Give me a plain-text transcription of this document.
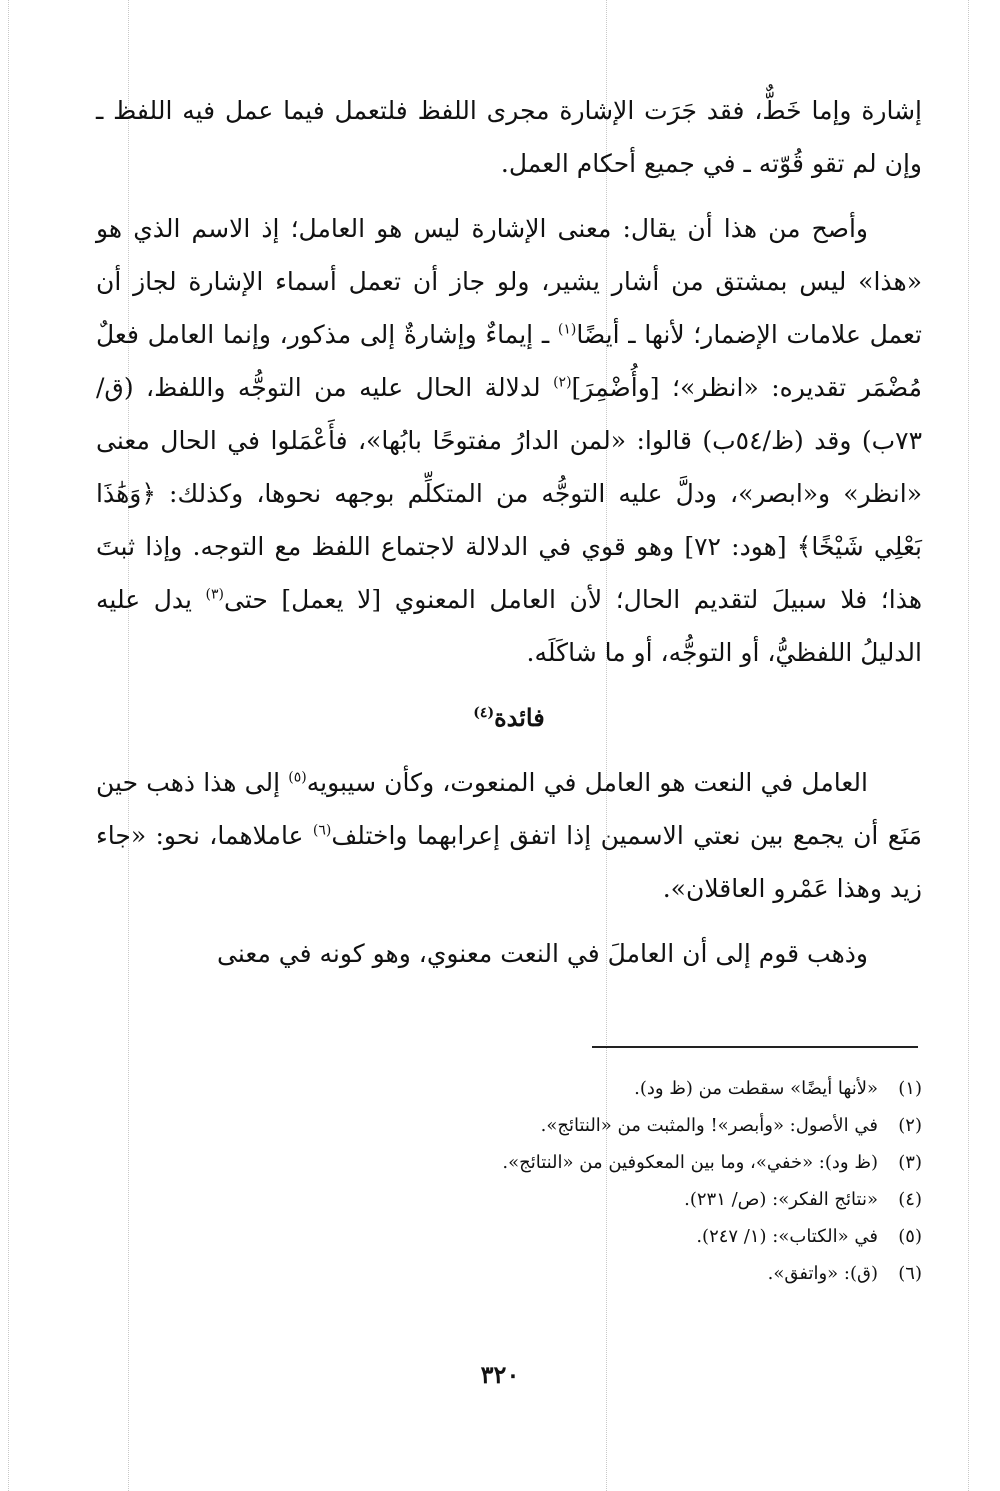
إشارة وإما خَطٌّ، فقد جَرَت الإشارة مجرى اللفظ فلتعمل فيما عمل فيه اللفظ ـ وإن لم تقو قُوّته ـ في جميع أحكام العمل.

وأصح من هذا أن يقال: معنى الإشارة ليس هو العامل؛ إذ الاسم الذي هو «هذا» ليس بمشتق من أشار يشير، ولو جاز أن تعمل أسماء الإشارة لجاز أن تعمل علامات الإضمار؛ لأنها ـ أيضًا$^{(١)}$ ـ إيماءٌ وإشارةٌ إلى مذكور، وإنما العامل فعلٌ مُضْمَر تقديره: «انظر»؛ [وأُضْمِرَ]$^{(٢)}$ لدلالة الحال عليه من التوجُّه واللفظ، (ق/٧٣ب) وقد (ظ/٥٤ب) قالوا: «لمن الدارُ مفتوحًا بابُها»، فأَعْمَلوا في الحال معنى «انظر» و«ابصر»، ودلَّ عليه التوجُّه من المتكلِّم بوجهه نحوها، وكذلك: ﴿وَهَٰذَا بَعْلِي شَيْخًا﴾ [هود: ٧٢] وهو قوي في الدلالة لاجتماع اللفظ مع التوجه. وإذا ثبتَ هذا؛ فلا سبيلَ لتقديم الحال؛ لأن العامل المعنوي [لا يعمل] حتى$^{(٣)}$ يدل عليه الدليلُ اللفظيُّ، أو التوجُّه، أو ما شاكَلَه.

فائدة$^{(٤)}$

العامل في النعت هو العامل في المنعوت، وكأن سيبويه$^{(٥)}$ إلى هذا ذهب حين مَنَع أن يجمع بين نعتي الاسمين إذا اتفق إعرابهما واختلف$^{(٦)}$ عاملاهما، نحو: «جاء زيد وهذا عَمْرو العاقلان».

وذهب قوم إلى أن العاملَ في النعت معنوي، وهو كونه في معنى

(١)
«لأنها أيضًا» سقطت من (ظ ود).
(٢)
في الأصول: «وأبصر»! والمثبت من «النتائج».
(٣)
(ظ ود): «خفي»، وما بين المعكوفين من «النتائج».
(٤)
«نتائج الفكر»: (ص/ ٢٣١).
(٥)
في «الكتاب»: (١/ ٢٤٧).
(٦)
(ق): «واتفق».
٣٢٠
